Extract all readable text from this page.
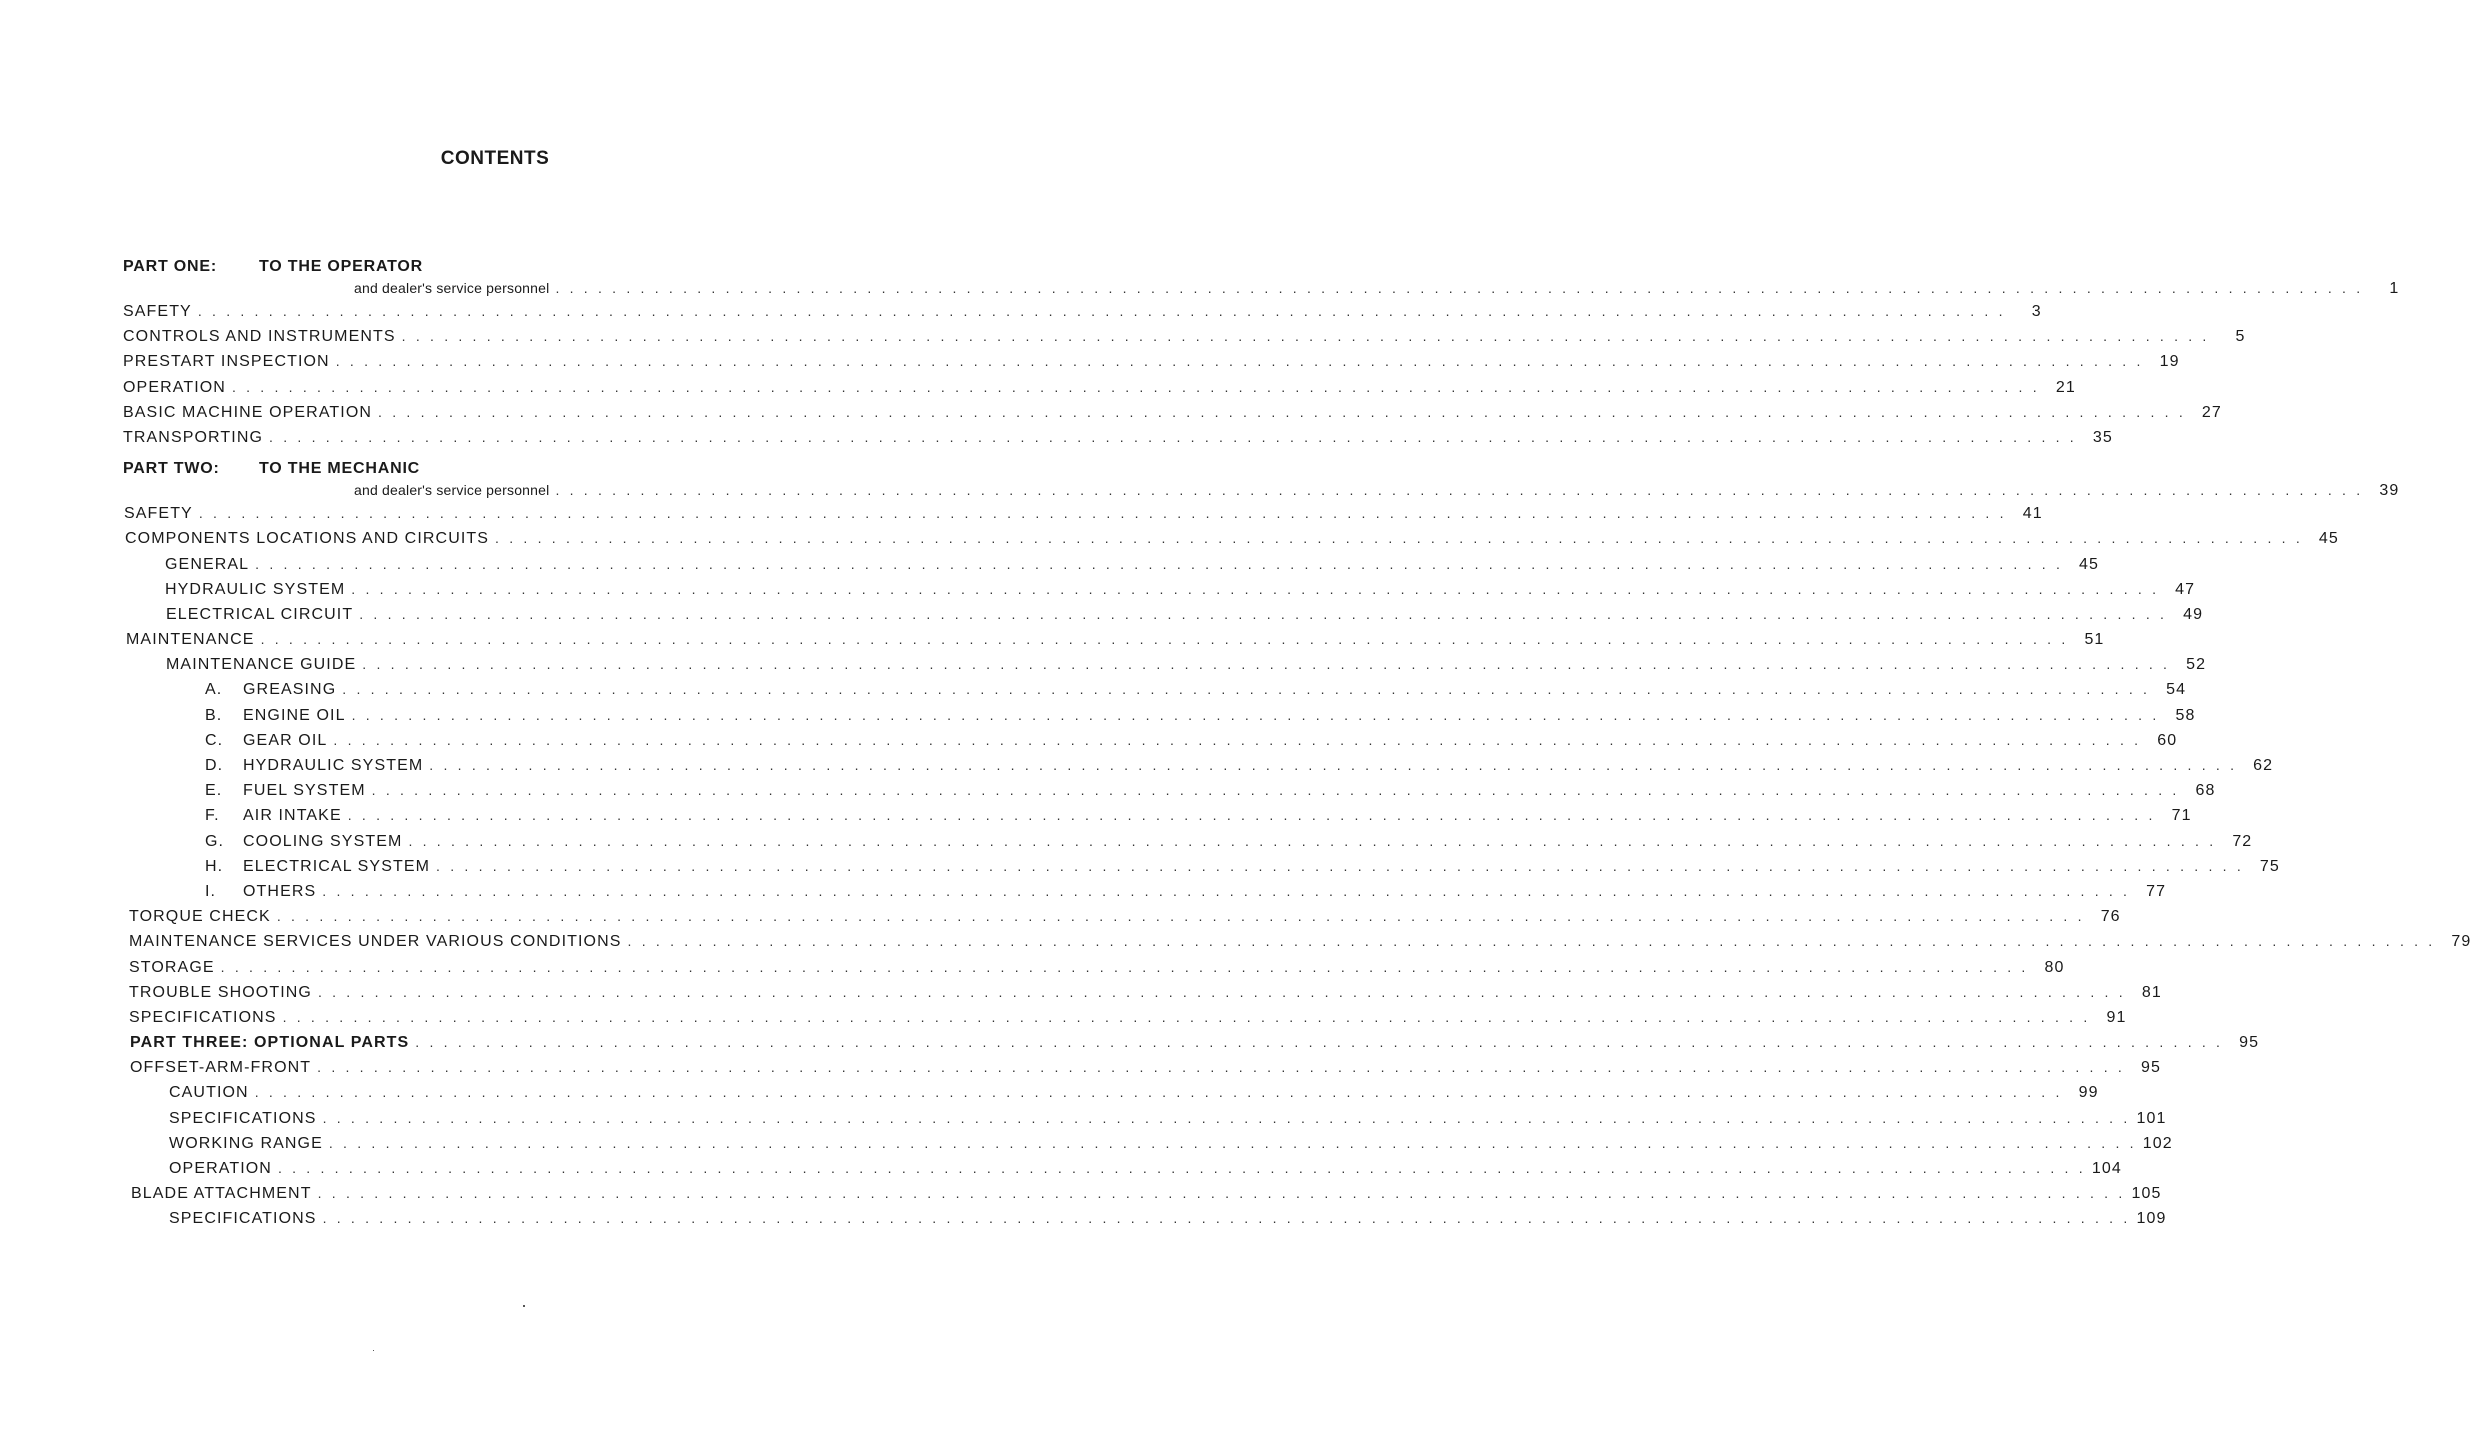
CONTENTS
PART ONE:	TO THE OPERATOR
and dealer's service personnel . . . . . . . . . . . . . . . . . . . . . . . . . . . . . . . . . . . . . . . . . . . . . . . . . . . . . . . . . . . . . . . . . . . . . . . . . . . . . . . . . . . . . . . . . . . . . . . . . . . . . . . . . . . . . . . . . . . . . . . . . . . . . . . .	1
SAFETY . . . . . . . . . . . . . . . . . . . . . . . . . . . . . . . . . . . . . . . . . . . . . . . . . . . . . . . . . . . . . . . . . . . . . . . . . . . . . . . . . . . . . . . . . . . . . . . . . . . . . . . . . . . . . . . . . . . . . . . . . . . . . . . .	3
CONTROLS AND INSTRUMENTS . . . . . . . . . . . . . . . . . . . . . . . . . . . . . . . . . . . . . . . . . . . . . . . . . . . . . . . . . . . . . . . . . . . . . . . . . . . . . . . . . . . . . . . . . . . . . . . . . . . . . . . . . . . . . . . . . . . . . . . . . . . . . . . .	5
PRESTART INSPECTION . . . . . . . . . . . . . . . . . . . . . . . . . . . . . . . . . . . . . . . . . . . . . . . . . . . . . . . . . . . . . . . . . . . . . . . . . . . . . . . . . . . . . . . . . . . . . . . . . . . . . . . . . . . . . . . . . . . . . . . . . . . . . . . .	19
OPERATION . . . . . . . . . . . . . . . . . . . . . . . . . . . . . . . . . . . . . . . . . . . . . . . . . . . . . . . . . . . . . . . . . . . . . . . . . . . . . . . . . . . . . . . . . . . . . . . . . . . . . . . . . . . . . . . . . . . . . . . . . . . . . . . .	21
BASIC MACHINE OPERATION . . . . . . . . . . . . . . . . . . . . . . . . . . . . . . . . . . . . . . . . . . . . . . . . . . . . . . . . . . . . . . . . . . . . . . . . . . . . . . . . . . . . . . . . . . . . . . . . . . . . . . . . . . . . . . . . . . . . . . . . . . . . . . . .	27
TRANSPORTING . . . . . . . . . . . . . . . . . . . . . . . . . . . . . . . . . . . . . . . . . . . . . . . . . . . . . . . . . . . . . . . . . . . . . . . . . . . . . . . . . . . . . . . . . . . . . . . . . . . . . . . . . . . . . . . . . . . . . . . . . . . . . . . .	35
PART TWO: TO THE MECHANIC
and dealer's service personnel . . . . . . . . . . . . . . . . . . . . . . . . . . . . . . . . . . . . . . . . . . . . . . . . . . . . . . . . . . . . . . . . . . . . . . . . . . . . . . . . . . . . . . . . . . . . . . . . . . . . . . . . . . . . . . . . . . . . . . . . . . . . . . . .	39
SAFETY . . . . . . . . . . . . . . . . . . . . . . . . . . . . . . . . . . . . . . . . . . . . . . . . . . . . . . . . . . . . . . . . . . . . . . . . . . . . . . . . . . . . . . . . . . . . . . . . . . . . . . . . . . . . . . . . . . . . . . . . . . . . . . . .	41
COMPONENTS LOCATIONS AND CIRCUITS . . . . . . . . . . . . . . . . . . . . . . . . . . . . . . . . . . . . . . . . . . . . . . . . . . . . . . . . . . . . . . . . . . . . . . . . . . . . . . . . . . . . . . . . . . . . . . . . . . . . . . . . . . . . . . . . . . . . . . . . . . . . . . . .	45
GENERAL . . . . . . . . . . . . . . . . . . . . . . . . . . . . . . . . . . . . . . . . . . . . . . . . . . . . . . . . . . . . . . . . . . . . . . . . . . . . . . . . . . . . . . . . . . . . . . . . . . . . . . . . . . . . . . . . . . . . . . . . . . . . . . . .	45
HYDRAULIC SYSTEM . . . . . . . . . . . . . . . . . . . . . . . . . . . . . . . . . . . . . . . . . . . . . . . . . . . . . . . . . . . . . . . . . . . . . . . . . . . . . . . . . . . . . . . . . . . . . . . . . . . . . . . . . . . . . . . . . . . . . . . . . . . . . . . .	47
ELECTRICAL CIRCUIT . . . . . . . . . . . . . . . . . . . . . . . . . . . . . . . . . . . . . . . . . . . . . . . . . . . . . . . . . . . . . . . . . . . . . . . . . . . . . . . . . . . . . . . . . . . . . . . . . . . . . . . . . . . . . . . . . . . . . . . . . . . . . . . .	49
MAINTENANCE . . . . . . . . . . . . . . . . . . . . . . . . . . . . . . . . . . . . . . . . . . . . . . . . . . . . . . . . . . . . . . . . . . . . . . . . . . . . . . . . . . . . . . . . . . . . . . . . . . . . . . . . . . . . . . . . . . . . . . . . . . . . . . . .	51
MAINTENANCE GUIDE . . . . . . . . . . . . . . . . . . . . . . . . . . . . . . . . . . . . . . . . . . . . . . . . . . . . . . . . . . . . . . . . . . . . . . . . . . . . . . . . . . . . . . . . . . . . . . . . . . . . . . . . . . . . . . . . . . . . . . . . . . . . . . . .	52
A. GREASING . . . . . . . . . . . . . . . . . . . . . . . . . . . . . . . . . . . . . . . . . . . . . . . . . . . . . . . . . . . . . . . . . . . . . . . . . . . . . . . . . . . . . . . . . . . . . . . . . . . . . . . . . . . . . . . . . . . . . . . . . . . . . . . .	54
B. ENGINE OIL . . . . . . . . . . . . . . . . . . . . . . . . . . . . . . . . . . . . . . . . . . . . . . . . . . . . . . . . . . . . . . . . . . . . . . . . . . . . . . . . . . . . . . . . . . . . . . . . . . . . . . . . . . . . . . . . . . . . . . . . . . . . . . . .	58
C. GEAR OIL . . . . . . . . . . . . . . . . . . . . . . . . . . . . . . . . . . . . . . . . . . . . . . . . . . . . . . . . . . . . . . . . . . . . . . . . . . . . . . . . . . . . . . . . . . . . . . . . . . . . . . . . . . . . . . . . . . . . . . . . . . . . . . . .	60
D. HYDRAULIC SYSTEM . . . . . . . . . . . . . . . . . . . . . . . . . . . . . . . . . . . . . . . . . . . . . . . . . . . . . . . . . . . . . . . . . . . . . . . . . . . . . . . . . . . . . . . . . . . . . . . . . . . . . . . . . . . . . . . . . . . . . . . . . . . . . . . .	62
E. FUEL SYSTEM . . . . . . . . . . . . . . . . . . . . . . . . . . . . . . . . . . . . . . . . . . . . . . . . . . . . . . . . . . . . . . . . . . . . . . . . . . . . . . . . . . . . . . . . . . . . . . . . . . . . . . . . . . . . . . . . . . . . . . . . . . . . . . . .	68
F. AIR INTAKE . . . . . . . . . . . . . . . . . . . . . . . . . . . . . . . . . . . . . . . . . . . . . . . . . . . . . . . . . . . . . . . . . . . . . . . . . . . . . . . . . . . . . . . . . . . . . . . . . . . . . . . . . . . . . . . . . . . . . . . . . . . . . . . .	71
G. COOLING SYSTEM . . . . . . . . . . . . . . . . . . . . . . . . . . . . . . . . . . . . . . . . . . . . . . . . . . . . . . . . . . . . . . . . . . . . . . . . . . . . . . . . . . . . . . . . . . . . . . . . . . . . . . . . . . . . . . . . . . . . . . . . . . . . . . . .	72
H. ELECTRICAL SYSTEM . . . . . . . . . . . . . . . . . . . . . . . . . . . . . . . . . . . . . . . . . . . . . . . . . . . . . . . . . . . . . . . . . . . . . . . . . . . . . . . . . . . . . . . . . . . . . . . . . . . . . . . . . . . . . . . . . . . . . . . . . . . . . . . .	75
I. OTHERS . . . . . . . . . . . . . . . . . . . . . . . . . . . . . . . . . . . . . . . . . . . . . . . . . . . . . . . . . . . . . . . . . . . . . . . . . . . . . . . . . . . . . . . . . . . . . . . . . . . . . . . . . . . . . . . . . . . . . . . . . . . . . . . .	77
TORQUE CHECK . . . . . . . . . . . . . . . . . . . . . . . . . . . . . . . . . . . . . . . . . . . . . . . . . . . . . . . . . . . . . . . . . . . . . . . . . . . . . . . . . . . . . . . . . . . . . . . . . . . . . . . . . . . . . . . . . . . . . . . . . . . . . . . .	76
MAINTENANCE SERVICES UNDER VARIOUS CONDITIONS . . . . . . . . . . . . . . . . . . . . . . . . . . . . . . . . . . . . . . . . . . . . . . . . . . . . . . . . . . . . . . . . . . . . . . . . . . . . . . . . . . . . . . . . . . . . . . . . . . . . . . . . . . . . . . . . . . . . . . . . . . . . . . . .	79
STORAGE . . . . . . . . . . . . . . . . . . . . . . . . . . . . . . . . . . . . . . . . . . . . . . . . . . . . . . . . . . . . . . . . . . . . . . . . . . . . . . . . . . . . . . . . . . . . . . . . . . . . . . . . . . . . . . . . . . . . . . . . . . . . . . . .	80
TROUBLE SHOOTING . . . . . . . . . . . . . . . . . . . . . . . . . . . . . . . . . . . . . . . . . . . . . . . . . . . . . . . . . . . . . . . . . . . . . . . . . . . . . . . . . . . . . . . . . . . . . . . . . . . . . . . . . . . . . . . . . . . . . . . . . . . . . . . .	81
SPECIFICATIONS . . . . . . . . . . . . . . . . . . . . . . . . . . . . . . . . . . . . . . . . . . . . . . . . . . . . . . . . . . . . . . . . . . . . . . . . . . . . . . . . . . . . . . . . . . . . . . . . . . . . . . . . . . . . . . . . . . . . . . . . . . . . . . . .	91
PART THREE: OPTIONAL PARTS . . . . . . . . . . . . . . . . . . . . . . . . . . . . . . . . . . . . . . . . . . . . . . . . . . . . . . . . . . . . . . . . . . . . . . . . . . . . . . . . . . . . . . . . . . . . . . . . . . . . . . . . . . . . . . . . . . . . . . . . . . . . . . . .	95
OFFSET-ARM-FRONT . . . . . . . . . . . . . . . . . . . . . . . . . . . . . . . . . . . . . . . . . . . . . . . . . . . . . . . . . . . . . . . . . . . . . . . . . . . . . . . . . . . . . . . . . . . . . . . . . . . . . . . . . . . . . . . . . . . . . . . . . . . . . . . .	95
CAUTION . . . . . . . . . . . . . . . . . . . . . . . . . . . . . . . . . . . . . . . . . . . . . . . . . . . . . . . . . . . . . . . . . . . . . . . . . . . . . . . . . . . . . . . . . . . . . . . . . . . . . . . . . . . . . . . . . . . . . . . . . . . . . . . .	99
SPECIFICATIONS . . . . . . . . . . . . . . . . . . . . . . . . . . . . . . . . . . . . . . . . . . . . . . . . . . . . . . . . . . . . . . . . . . . . . . . . . . . . . . . . . . . . . . . . . . . . . . . . . . . . . . . . . . . . . . . . . . . . . . . . . . . . . . . . 101
WORKING RANGE . . . . . . . . . . . . . . . . . . . . . . . . . . . . . . . . . . . . . . . . . . . . . . . . . . . . . . . . . . . . . . . . . . . . . . . . . . . . . . . . . . . . . . . . . . . . . . . . . . . . . . . . . . . . . . . . . . . . . . . . . . . . . . . . 102
OPERATION . . . . . . . . . . . . . . . . . . . . . . . . . . . . . . . . . . . . . . . . . . . . . . . . . . . . . . . . . . . . . . . . . . . . . . . . . . . . . . . . . . . . . . . . . . . . . . . . . . . . . . . . . . . . . . . . . . . . . . . . . . . . . . . . 104
BLADE ATTACHMENT . . . . . . . . . . . . . . . . . . . . . . . . . . . . . . . . . . . . . . . . . . . . . . . . . . . . . . . . . . . . . . . . . . . . . . . . . . . . . . . . . . . . . . . . . . . . . . . . . . . . . . . . . . . . . . . . . . . . . . . . . . . . . . . . 105
SPECIFICATIONS . . . . . . . . . . . . . . . . . . . . . . . . . . . . . . . . . . . . . . . . . . . . . . . . . . . . . . . . . . . . . . . . . . . . . . . . . . . . . . . . . . . . . . . . . . . . . . . . . . . . . . . . . . . . . . . . . . . . . . . . . . . . . . . . 109
